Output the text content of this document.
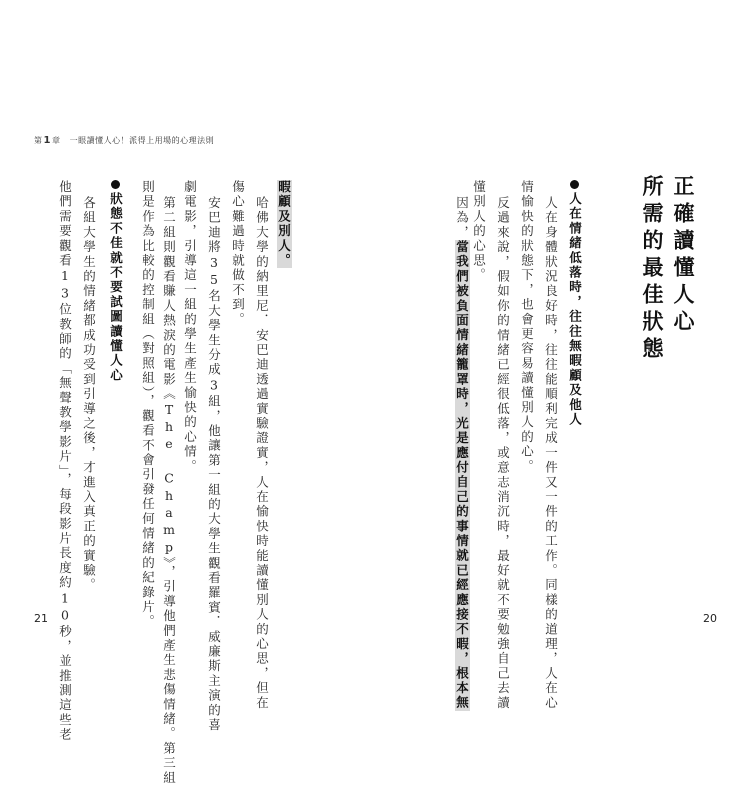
第1章 一眼讀懂人心！派得上用場的心理法則
正確讀懂人心
所需的最佳狀態
人在情緒低落時，往往無暇顧及他人
人在身體狀況良好時，往往能順利完成一件又一件的工作。同樣的道理，人在心
情愉快的狀態下，也會更容易讀懂別人的心。
反過來說，假如你的情緒已經很低落，或意志消沉時，最好就不要勉強自己去讀
懂別人的心思。
因為，當我們被負面情緒籠罩時，光是應付自己的事情就已經應接不暇，根本無	20
暇顧及別人。
哈佛大學的納里尼．安巴迪透過實驗證實，人在愉快時能讀懂別人的心思，但在
傷心難過時就做不到。
安巴迪將35名大學生分成3組，他讓第一組的大學生觀看羅賓．威廉斯主演的喜
劇電影，引導這一組的學生產生愉快的心情。
第二組則觀看賺人熱淚的電影《The Champ》，引導他們產生悲傷情緒。第三組
則是作為比較的控制組（對照組），觀看不會引發任何情緒的紀錄片。
狀態不佳就不要試圖讀懂人心
各組大學生的情緒都成功受到引導之後，才進入真正的實驗。
他們需要觀看13位教師的「無聲教學影片」，每段影片長度約10秒，並推測這些老
21
